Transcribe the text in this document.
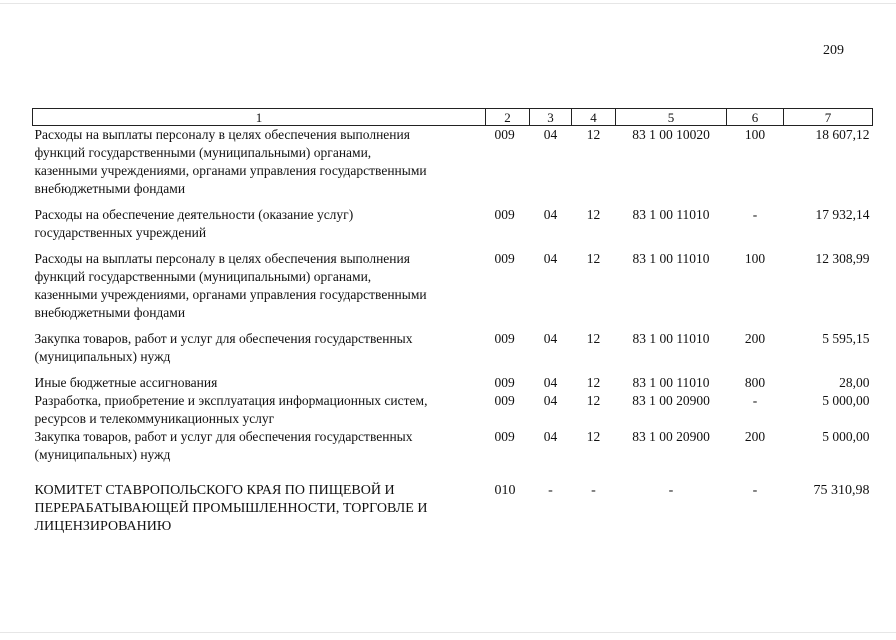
209
1	2	3	4	5	6	7
Расходы на выплаты персоналу в целях обеспечения выполнения
функций государственными (муниципальными) органами,
казенными учреждениями, органами управления государственными
внебюджетными фондами	009	04	12	83 1 00 10020	100	18 607,12
Расходы на обеспечение деятельности (оказание услуг)
государственных учреждений	009	04	12	83 1 00 11010	-	17 932,14
Расходы на выплаты персоналу в целях обеспечения выполнения
функций государственными (муниципальными) органами,
казенными учреждениями, органами управления государственными
внебюджетными фондами	009	04	12	83 1 00 11010	100	12 308,99
Закупка товаров, работ и услуг для обеспечения государственных
(муниципальных) нужд	009	04	12	83 1 00 11010	200	5 595,15
Иные бюджетные ассигнования	009	04	12	83 1 00 11010	800	28,00
Разработка, приобретение и эксплуатация информационных систем,
ресурсов и телекоммуникационных услуг	009	04	12	83 1 00 20900	-	5 000,00
Закупка товаров, работ и услуг для обеспечения государственных
(муниципальных) нужд	009	04	12	83 1 00 20900	200	5 000,00
КОМИТЕТ СТАВРОПОЛЬСКОГО КРАЯ ПО ПИЩЕВОЙ И
ПЕРЕРАБАТЫВАЮЩЕЙ ПРОМЫШЛЕННОСТИ, ТОРГОВЛЕ И
ЛИЦЕНЗИРОВАНИЮ	010	-	-	-	-	75 310,98
